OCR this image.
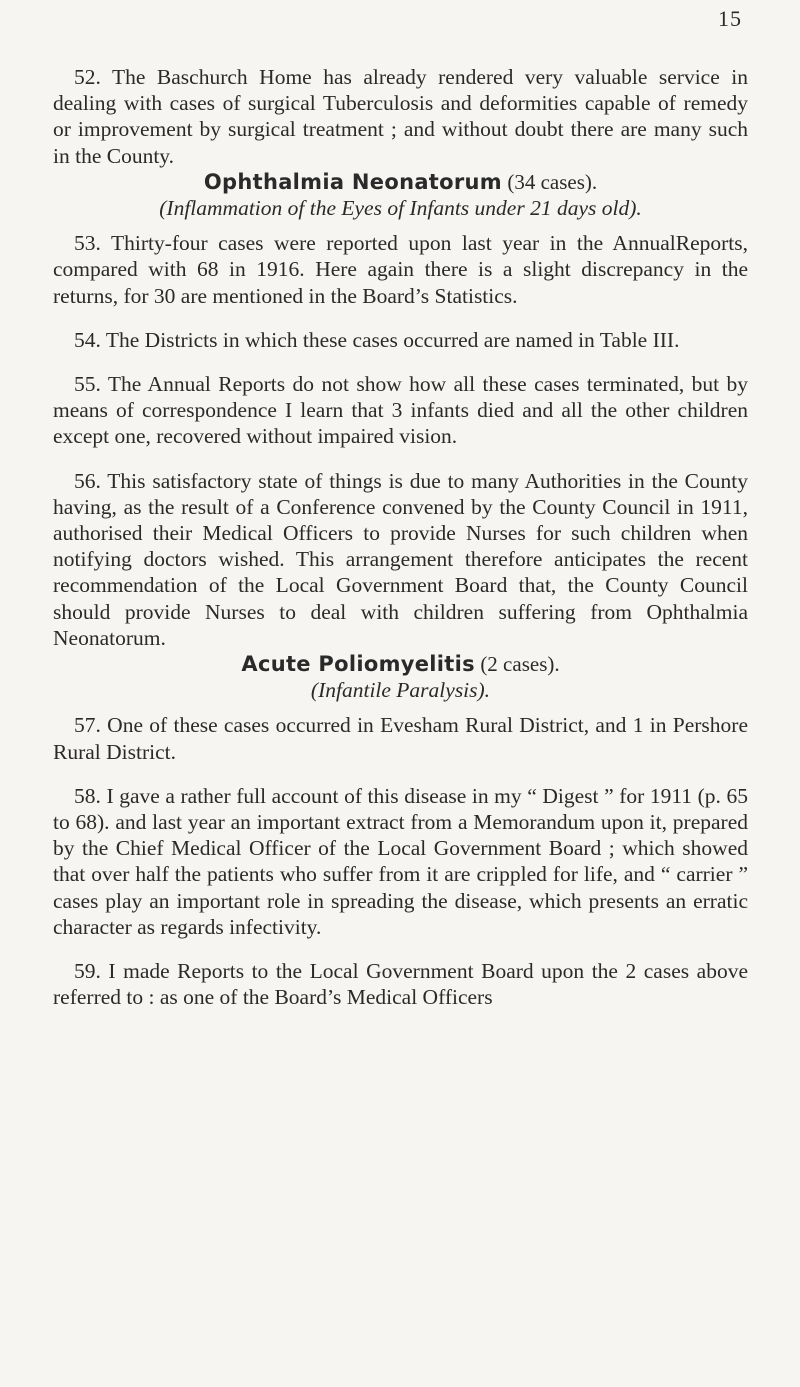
15

52. The Baschurch Home has already rendered very valuable service in dealing with cases of surgical Tuberculosis and deformities capable of remedy or improvement by surgical treatment ; and without doubt there are many such in the County.

Ophthalmia Neonatorum (34 cases).

(Inflammation of the Eyes of Infants under 21 days old).

53. Thirty-four cases were reported upon last year in the AnnualReports, compared with 68 in 1916. Here again there is a slight discrepancy in the returns, for 30 are mentioned in the Board’s Statistics.

54. The Districts in which these cases occurred are named in Table III.

55. The Annual Reports do not show how all these cases terminated, but by means of correspondence I learn that 3 infants died and all the other children except one, recovered without impaired vision.

56. This satisfactory state of things is due to many Authorities in the County having, as the result of a Conference convened by the County Council in 1911, authorised their Medical Officers to provide Nurses for such children when notifying doctors wished. This arrangement therefore anticipates the recent recommendation of the Local Government Board that, the County Council should provide Nurses to deal with children suffering from Ophthalmia Neonatorum.

Acute Poliomyelitis (2 cases).

(Infantile Paralysis).

57. One of these cases occurred in Evesham Rural District, and 1 in Pershore Rural District.

58. I gave a rather full account of this disease in my “ Digest ” for 1911 (p. 65 to 68). and last year an important extract from a Memorandum upon it, prepared by the Chief Medical Officer of the Local Government Board ; which showed that over half the patients who suffer from it are crippled for life, and “ carrier ” cases play an important role in spreading the disease, which presents an erratic character as regards infectivity.

59. I made Reports to the Local Government Board upon the 2 cases above referred to : as one of the Board’s Medical Officers
